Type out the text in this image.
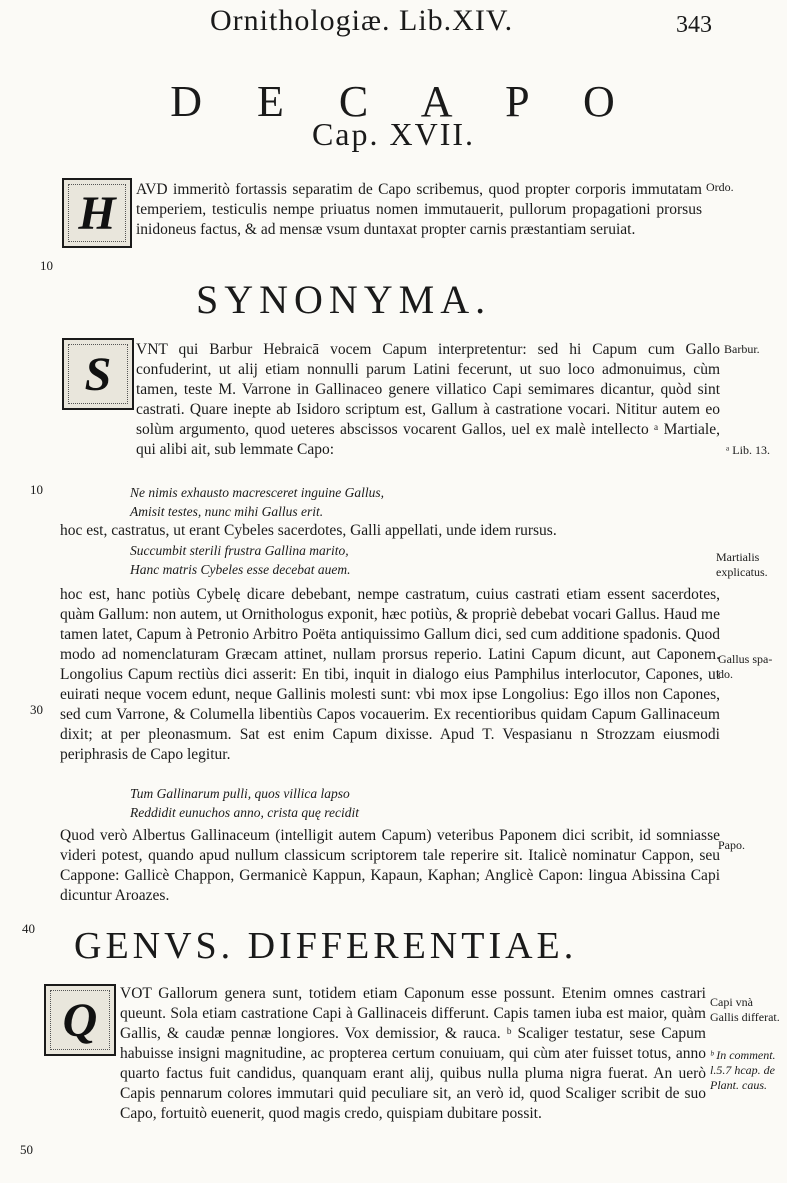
Ornithologiæ. Lib.XIV.	343
D E C A P O
Cap. XVII.
H AVD immeritò fortassis separatim de Capo scribemus, quod propter corporis immutatam temperiem, testiculis nempe priuatus nomen immutauerit, pullorum propagationi prorsus inidoneus factus, & ad mensæ vsum duntaxat propter carnis præstantiam seruiat.

SYNONYMA.
S	VNT qui Barbur Hebraicā vocem Capum interpretentur: sed hi Capum cum Gallo confuderint, ut alij etiam nonnulli parum Latini fecerunt, ut suo loco admonuimus, cùm tamen, teste M. Varrone in Gallinaceo genere villatico Capi semimares dicantur, quòd sint castrati. Quare inepte ab Isidoro scriptum est, Gallum à castratione vocari. Nititur autem eo solùm argumento, quod ueteres abscissos vocarent Gallos, uel ex malè intellecto ᵃ Martiale, qui alibi ait, sub lemmate Capo:

Ne nimis exhausto macresceret inguine Gallus,
Amisit testes, nunc mihi Gallus erit.

hoc est, castratus, ut erant Cybeles sacerdotes, Galli appellati, unde idem rursus.

Succumbit sterili frustra Gallina marito,
Hanc matris Cybeles esse decebat auem.

hoc est, hanc potiùs Cybelę dicare debebant, nempe castratum, cuius castrati etiam essent sacerdotes, quàm Gallum: non autem, ut Ornithologus exponit, hæc potiùs, & propriè debebat vocari Gallus. Haud me tamen latet, Capum à Petronio Arbitro Poëta antiquissimo Gallum dici, sed cum additione spadonis. Quod modo ad nomenclaturam Græcam attinet, nullam prorsus reperio. Latini Capum dicunt, aut Caponem. Longolius Capum rectiùs dici asserit: En tibi, inquit in dialogo eius Pamphilus interlocutor, Capones, ut euirati neque vocem edunt, neque Gallinis molesti sunt: vbi mox ipse Longolius: Ego illos non Capones, sed cum Varrone, & Columella libentiùs Capos vocauerim. Ex recentioribus quidam Capum Gallinaceum dixit; at per pleonasmum. Sat est enim Capum dixisse. Apud T. Vespasianu n Strozzam eiusmodi periphrasis de Capo legitur.

Tum Gallinarum pulli, quos villica lapso
Reddidit eunuchos anno, crista quę recidit

Quod verò Albertus Gallinaceum (intelligit autem Capum) veteribus Paponem dici scribit, id somniasse videri potest, quando apud nullum classicum scriptorem tale reperire sit. Italicè nominatur Cappon, seu Cappone: Gallicè Chappon, Germanicè Kappun, Kapaun, Kaphan; Anglicè Capon: lingua Abissina Capi dicuntur Aroazes.

GENVS. DIFFERENTIAE.
Q	VOT Gallorum genera sunt, totidem etiam Caponum esse possunt. Etenim omnes castrari queunt. Sola etiam castratione Capi à Gallinaceis differunt. Capis tamen iuba est maior, quàm Gallis, & caudæ pennæ longiores. Vox demissior, & rauca. ᵇ Scaliger testatur, sese Capum habuisse insigni magnitudine, ac propterea certum conuiuam, qui cùm ater fuisset totus, anno quarto factus fuit candidus, quanquam erant alij, quibus nulla pluma nigra fuerat. An uerò Capis pennarum colores immutari quid peculiare sit, an verò id, quod Scaliger scribit de suo Capo, fortuitò euenerit, quod magis credo, quispiam dubitare possit.

Ordo.
Barbur.
ᵃ Lib. 13.
Martialis explicatus.
Gallus spa-do.
Papo.
Capi vnà Gallis differat.
ᵇ In comment. l.5.7 hcap. de Plant. caus.
10
10
30
40
50
